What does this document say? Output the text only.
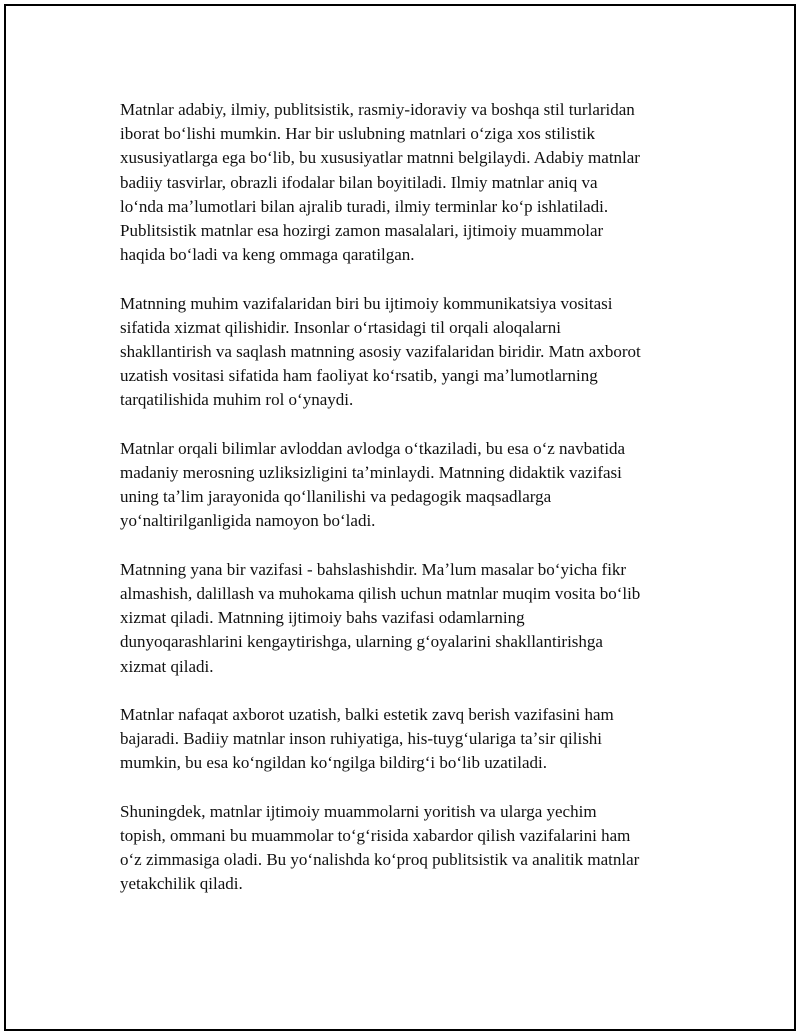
Matnlar adabiy, ilmiy, publitsistik, rasmiy-idoraviy va boshqa stil turlaridan
iborat boʻlishi mumkin. Har bir uslubning matnlari oʻziga xos stilistik
xususiyatlarga ega boʻlib, bu xususiyatlar matnni belgilaydi. Adabiy matnlar
badiiy tasvirlar, obrazli ifodalar bilan boyitiladi. Ilmiy matnlar aniq va
loʻnda maʼlumotlari bilan ajralib turadi, ilmiy terminlar koʻp ishlatiladi.
Publitsistik matnlar esa hozirgi zamon masalalari, ijtimoiy muammolar
haqida boʻladi va keng ommaga qaratilgan.

Matnning muhim vazifalaridan biri bu ijtimoiy kommunikatsiya vositasi
sifatida xizmat qilishidir. Insonlar oʻrtasidagi til orqali aloqalarni
shakllantirish va saqlash matnning asosiy vazifalaridan biridir. Matn axborot
uzatish vositasi sifatida ham faoliyat koʻrsatib, yangi maʼlumotlarning
tarqatilishida muhim rol oʻynaydi.

Matnlar orqali bilimlar avloddan avlodga oʻtkaziladi, bu esa oʻz navbatida
madaniy merosning uzliksizligini taʼminlaydi. Matnning didaktik vazifasi
uning taʼlim jarayonida qoʻllanilishi va pedagogik maqsadlarga
yoʻnaltirilganligida namoyon boʻladi.

Matnning yana bir vazifasi - bahslashishdir. Maʼlum masalar boʻyicha fikr
almashish, dalillash va muhokama qilish uchun matnlar muqim vosita boʻlib
xizmat qiladi. Matnning ijtimoiy bahs vazifasi odamlarning
dunyoqarashlarini kengaytirishga, ularning gʻoyalarini shakllantirishga
xizmat qiladi.

Matnlar nafaqat axborot uzatish, balki estetik zavq berish vazifasini ham
bajaradi. Badiiy matnlar inson ruhiyatiga, his-tuygʻulariga taʼsir qilishi
mumkin, bu esa koʻngildan koʻngilga bildirgʻi boʻlib uzatiladi.

Shuningdek, matnlar ijtimoiy muammolarni yoritish va ularga yechim
topish, ommani bu muammolar toʻgʻrisida xabardor qilish vazifalarini ham
oʻz zimmasiga oladi. Bu yoʻnalishda koʻproq publitsistik va analitik matnlar
yetakchilik qiladi.
